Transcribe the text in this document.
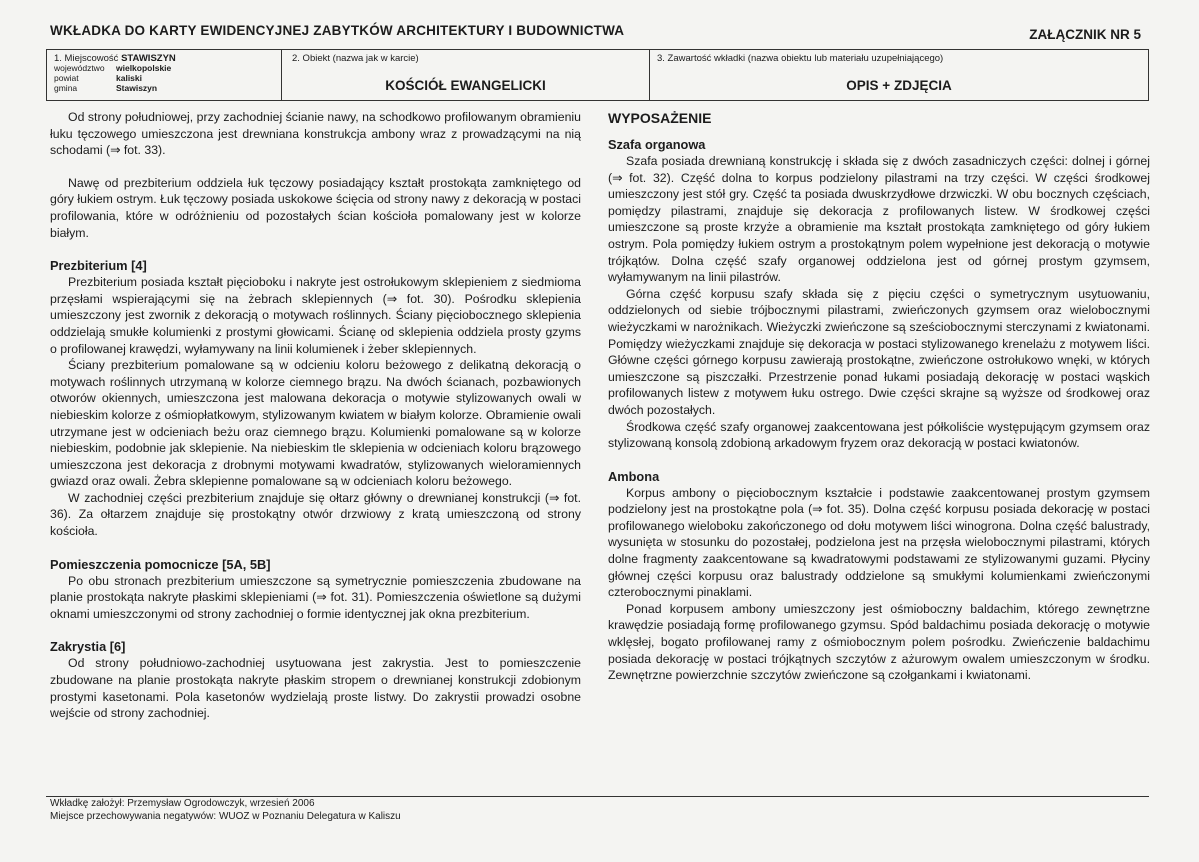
WKŁADKA DO KARTY EWIDENCYJNEJ ZABYTKÓW ARCHITEKTURY I BUDOWNICTWA	ZAŁĄCZNIK NR 5
1. Miejscowość STAWISZYN
województwo	wielkopolskie
powiat	kaliski
gmina	Stawiszyn
2. Obiekt (nazwa jak w karcie)
KOŚCIÓŁ EWANGELICKI
3. Zawartość wkładki (nazwa obiektu lub materiału uzupełniającego)
OPIS + ZDJĘCIA

Od strony południowej, przy zachodniej ścianie nawy, na schodkowo profilowanym obramieniu łuku tęczowego umieszczona jest drewniana konstrukcja ambony wraz z prowadzącymi na nią schodami (⇒ fot. 33).

Nawę od prezbiterium oddziela łuk tęczowy posiadający kształt prostokąta zamkniętego od góry łukiem ostrym. Łuk tęczowy posiada uskokowe ścięcia od strony nawy z dekoracją w postaci profilowania, które w odróżnieniu od pozostałych ścian kościoła pomalowany jest w kolorze białym.

Prezbiterium [4]

Prezbiterium posiada kształt pięcioboku i nakryte jest ostrołukowym sklepieniem z siedmioma przęsłami wspierającymi się na żebrach sklepiennych (⇒ fot. 30). Pośrodku sklepienia umieszczony jest zwornik z dekoracją o motywach roślinnych. Ściany pięciobocznego sklepienia oddzielają smukłe kolumienki z prostymi głowicami. Ścianę od sklepienia oddziela prosty gzyms o profilowanej krawędzi, wyłamywany na linii kolumienek i żeber sklepiennych.

Ściany prezbiterium pomalowane są w odcieniu koloru beżowego z delikatną dekoracją o motywach roślinnych utrzymaną w kolorze ciemnego brązu. Na dwóch ścianach, pozbawionych otworów okiennych, umieszczona jest malowana dekoracja o motywie stylizowanych owali w niebieskim kolorze z ośmiopłatkowym, stylizowanym kwiatem w białym kolorze. Obramienie owali utrzymane jest w odcieniach beżu oraz ciemnego brązu. Kolumienki pomalowane są w kolorze niebieskim, podobnie jak sklepienie. Na niebieskim tle sklepienia w odcieniach koloru brązowego umieszczona jest dekoracja z drobnymi motywami kwadratów, stylizowanych wieloramiennych gwiazd oraz owali. Żebra sklepienne pomalowane są w odcieniach koloru beżowego.

W zachodniej części prezbiterium znajduje się ołtarz główny o drewnianej konstrukcji (⇒ fot. 36). Za ołtarzem znajduje się prostokątny otwór drzwiowy z kratą umieszczoną od strony kościoła.

Pomieszczenia pomocnicze [5A, 5B]

Po obu stronach prezbiterium umieszczone są symetrycznie pomieszczenia zbudowane na planie prostokąta nakryte płaskimi sklepieniami (⇒ fot. 31). Pomieszczenia oświetlone są dużymi oknami umieszczonymi od strony zachodniej o formie identycznej jak okna prezbiterium.

Zakrystia [6]

Od strony południowo-zachodniej usytuowana jest zakrystia. Jest to pomieszczenie zbudowane na planie prostokąta nakryte płaskim stropem o drewnianej konstrukcji zdobionym prostymi kasetonami. Pola kasetonów wydzielają proste listwy. Do zakrystii prowadzi osobne wejście od strony zachodniej.

WYPOSAŻENIE

Szafa organowa

Szafa posiada drewnianą konstrukcję i składa się z dwóch zasadniczych części: dolnej i górnej (⇒ fot. 32). Część dolna to korpus podzielony pilastrami na trzy części. W części środkowej umieszczony jest stół gry. Część ta posiada dwuskrzydłowe drzwiczki. W obu bocznych częściach, pomiędzy pilastrami, znajduje się dekoracja z profilowanych listew. W środkowej części umieszczone są proste krzyże a obramienie ma kształt prostokąta zamkniętego od góry łukiem ostrym. Pola pomiędzy łukiem ostrym a prostokątnym polem wypełnione jest dekoracją o motywie trójkątów. Dolna część szafy organowej oddzielona jest od górnej prostym gzymsem, wyłamywanym na linii pilastrów.

Górna część korpusu szafy składa się z pięciu części o symetrycznym usytuowaniu, oddzielonych od siebie trójbocznymi pilastrami, zwieńczonych gzymsem oraz wielobocznymi wieżyczkami w narożnikach. Wieżyczki zwieńczone są sześciobocznymi sterczynami z kwiatonami. Pomiędzy wieżyczkami znajduje się dekoracja w postaci stylizowanego krenelażu z motywem liści. Główne części górnego korpusu zawierają prostokątne, zwieńczone ostrołukowo wnęki, w których umieszczone są piszczałki. Przestrzenie ponad łukami posiadają dekorację w postaci wąskich profilowanych listew z motywem łuku ostrego. Dwie części skrajne są wyższe od środkowej oraz dwóch pozostałych.

Środkowa część szafy organowej zaakcentowana jest półkoliście występującym gzymsem oraz stylizowaną konsolą zdobioną arkadowym fryzem oraz dekoracją w postaci kwiatonów.

Ambona

Korpus ambony o pięciobocznym kształcie i podstawie zaakcentowanej prostym gzymsem podzielony jest na prostokątne pola (⇒ fot. 35). Dolna część korpusu posiada dekorację w postaci profilowanego wieloboku zakończonego od dołu motywem liści winogrona. Dolna część balustrady, wysunięta w stosunku do pozostałej, podzielona jest na przęsła wielobocznymi pilastrami, których dolne fragmenty zaakcentowane są kwadratowymi podstawami ze stylizowanymi guzami. Płyciny głównej części korpusu oraz balustrady oddzielone są smukłymi kolumienkami zwieńczonymi czterobocznymi pinaklami.

Ponad korpusem ambony umieszczony jest ośmioboczny baldachim, którego zewnętrzne krawędzie posiadają formę profilowanego gzymsu. Spód baldachimu posiada dekorację o motywie wklęsłej, bogato profilowanej ramy z ośmiobocznym polem pośrodku. Zwieńczenie baldachimu posiada dekorację w postaci trójkątnych szczytów z ażurowym owalem umieszczonym w środku. Zewnętrzne powierzchnie szczytów zwieńczone są czołgankami i kwiatonami.

Wkładkę założył: Przemysław Ogrodowczyk, wrzesień 2006
Miejsce przechowywania negatywów: WUOZ w Poznaniu Delegatura w Kaliszu
